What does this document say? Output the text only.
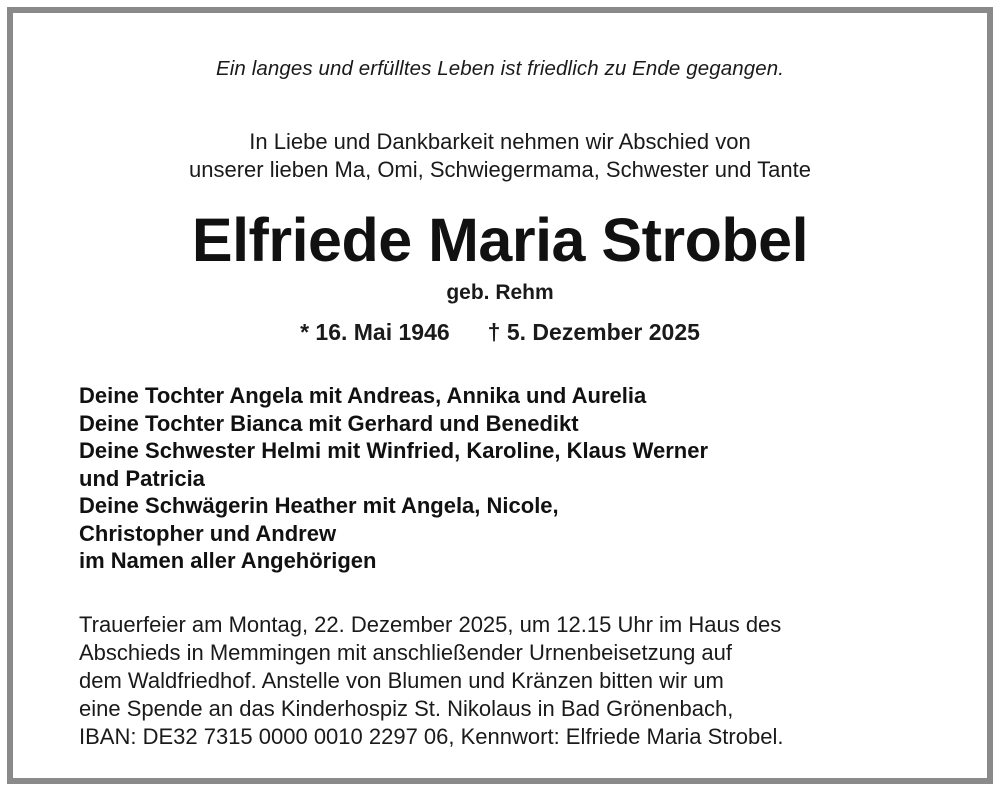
Ein langes und erfülltes Leben ist friedlich zu Ende gegangen.
In Liebe und Dankbarkeit nehmen wir Abschied von
unserer lieben Ma, Omi, Schwiegermama, Schwester und Tante
Elfriede Maria Strobel
geb. Rehm
* 16. Mai 1946 † 5. Dezember 2025
Deine Tochter Angela mit Andreas, Annika und Aurelia
Deine Tochter Bianca mit Gerhard und Benedikt
Deine Schwester Helmi mit Winfried, Karoline, Klaus Werner
und Patricia
Deine Schwägerin Heather mit Angela, Nicole,
Christopher und Andrew
im Namen aller Angehörigen
Trauerfeier am Montag, 22. Dezember 2025, um 12.15 Uhr im Haus des
Abschieds in Memmingen mit anschließender Urnenbeisetzung auf
dem Waldfriedhof. Anstelle von Blumen und Kränzen bitten wir um
eine Spende an das Kinderhospiz St. Nikolaus in Bad Grönenbach,
IBAN: DE32 7315 0000 0010 2297 06, Kennwort: Elfriede Maria Strobel.
